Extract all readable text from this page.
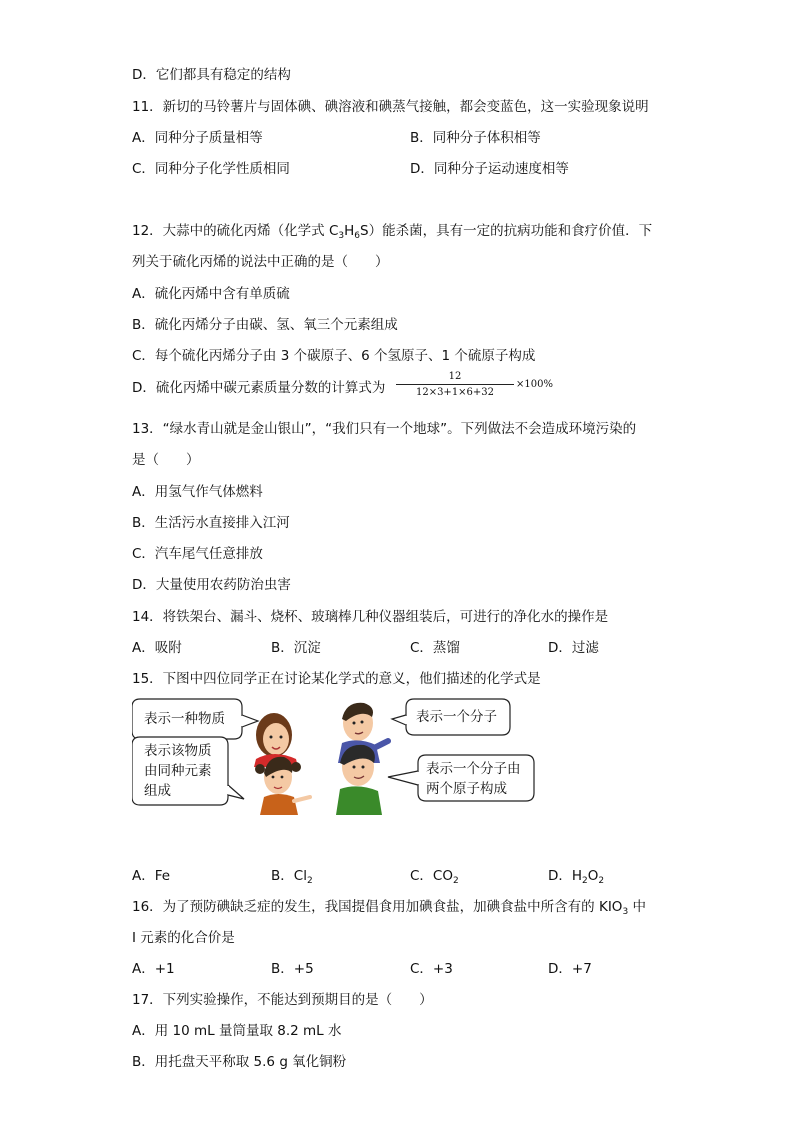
D．它们都具有稳定的结构
11．新切的马铃薯片与固体碘、碘溶液和碘蒸气接触，都会变蓝色，这一实验现象说明
A．同种分子质量相等	B．同种分子体积相等
C．同种分子化学性质相同	D．同种分子运动速度相等
12．大蒜中的硫化丙烯（化学式 $C_3H_6S$）能杀菌，具有一定的抗病功能和食疗价值．下
列关于硫化丙烯的说法中正确的是（　　）
A．硫化丙烯中含有单质硫
B．硫化丙烯分子由碳、氢、氧三个元素组成
C．每个硫化丙烯分子由 3 个碳原子、6 个氢原子、1 个硫原子构成
D．硫化丙烯中碳元素质量分数的计算式为
12
12×3+1×6+32
×100%
13．“绿水青山就是金山银山”，“我们只有一个地球”。下列做法不会造成环境污染的
是（　　）
A．用氢气作气体燃料
B．生活污水直接排入江河
C．汽车尾气任意排放
D．大量使用农药防治虫害
14．将铁架台、漏斗、烧杯、玻璃棒几种仪器组装后，可进行的净化水的操作是
A．吸附	B．沉淀	C．蒸馏	D．过滤
15．下图中四位同学正在讨论某化学式的意义，他们描述的化学式是
表示一种物质	表示一个分子
表示该物质
由同种元素
组成
表示一个分子由
两个原子构成
A．Fe	B．$Cl_2$	C．$CO_2$	D．$H_2O_2$
16．为了预防碘缺乏症的发生，我国提倡食用加碘食盐，加碘食盐中所含有的 $KIO_3$ 中
I 元素的化合价是
A．+1	B．+5	C．+3	D．+7
17．下列实验操作，不能达到预期目的是（　　）
A．用 10 mL 量筒量取 8.2 mL 水
B．用托盘天平称取 5.6 g 氧化铜粉
